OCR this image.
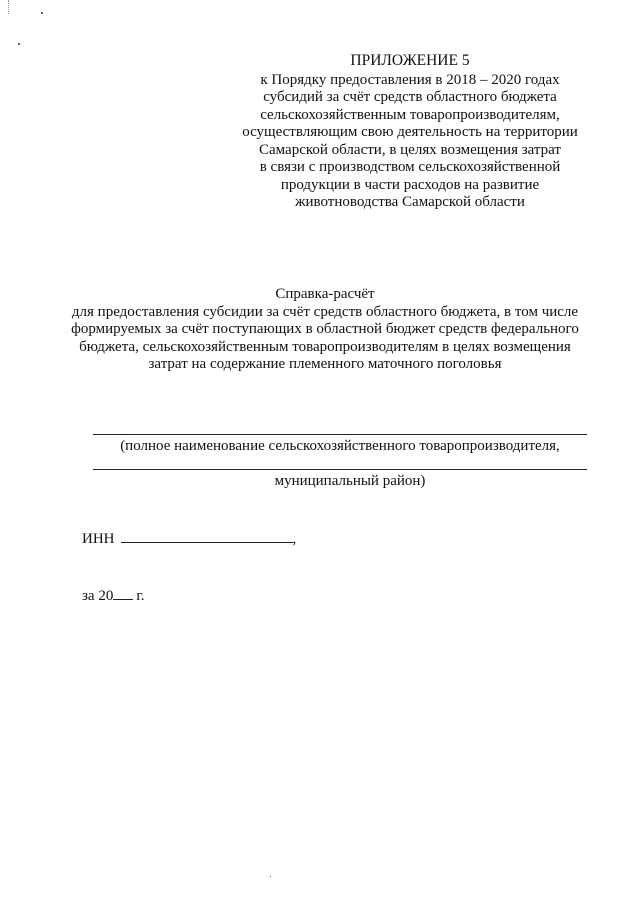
ПРИЛОЖЕНИЕ 5
к Порядку предоставления в 2018 – 2020 годах
субсидий за счёт средств областного бюджета
сельскохозяйственным товаропроизводителям,
осуществляющим свою деятельность на территории
Самарской области, в целях возмещения затрат
в связи с производством сельскохозяйственной
продукции в части расходов на развитие
животноводства Самарской области
Справка-расчёт
для предоставления субсидии за счёт средств областного бюджета, в том числе
формируемых за счёт поступающих в областной бюджет средств федерального
бюджета, сельскохозяйственным товаропроизводителям в целях возмещения
затрат на содержание племенного маточного поголовья
(полное наименование сельскохозяйственного товаропроизводителя,
муниципальный район)
ИНН	,
за 20 г.
